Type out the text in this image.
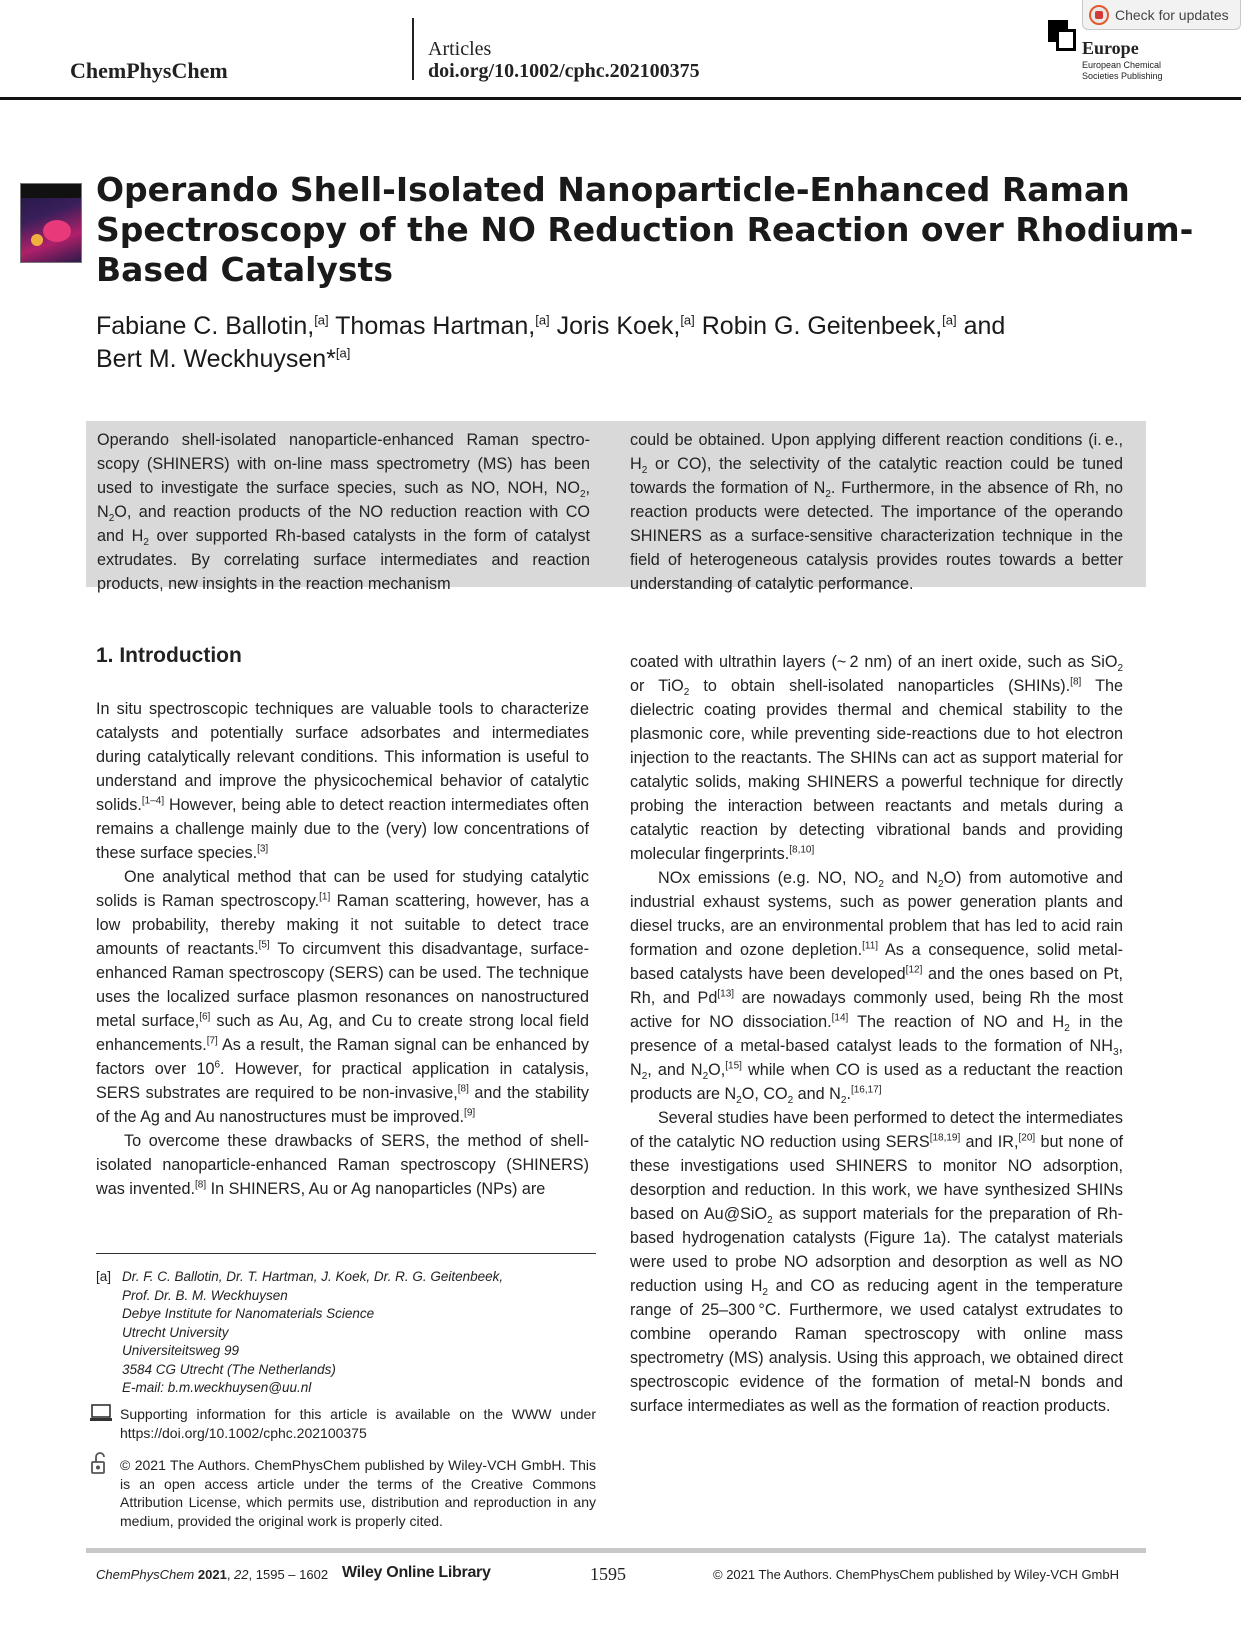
ChemPhysChem
Articles
doi.org/10.1002/cphc.202100375
Europe
European Chemical
Societies Publishing
Check for updates
Operando Shell-Isolated Nanoparticle-Enhanced Raman Spectroscopy of the NO Reduction Reaction over Rhodium-Based Catalysts
Fabiane C. Ballotin,[a] Thomas Hartman,[a] Joris Koek,[a] Robin G. Geitenbeek,[a] and
Bert M. Weckhuysen*[a]
Operando shell-isolated nanoparticle-enhanced Raman spectroscopy (SHINERS) with on-line mass spectrometry (MS) has been used to investigate the surface species, such as NO, NOH, $NO_2$, $N_2O$, and reaction products of the NO reduction reaction with CO and $H_2$ over supported Rh-based catalysts in the form of catalyst extrudates. By correlating surface intermediates and reaction products, new insights in the reaction mechanism
could be obtained. Upon applying different reaction conditions (i. e., $H_2$ or CO), the selectivity of the catalytic reaction could be tuned towards the formation of $N_2$. Furthermore, in the absence of Rh, no reaction products were detected. The importance of the operando SHINERS as a surface-sensitive characterization technique in the field of heterogeneous catalysis provides routes towards a better understanding of catalytic performance.
1. Introduction

In situ spectroscopic techniques are valuable tools to characterize catalysts and potentially surface adsorbates and intermediates during catalytically relevant conditions. This information is useful to understand and improve the physicochemical behavior of catalytic solids.[1–4] However, being able to detect reaction intermediates often remains a challenge mainly due to the (very) low concentrations of these surface species.[3]

One analytical method that can be used for studying catalytic solids is Raman spectroscopy.[1] Raman scattering, however, has a low probability, thereby making it not suitable to detect trace amounts of reactants.[5] To circumvent this disadvantage, surface-enhanced Raman spectroscopy (SERS) can be used. The technique uses the localized surface plasmon resonances on nanostructured metal surface,[6] such as Au, Ag, and Cu to create strong local field enhancements.[7] As a result, the Raman signal can be enhanced by factors over $10^6$. However, for practical application in catalysis, SERS substrates are required to be non-invasive,[8] and the stability of the Ag and Au nanostructures must be improved.[9]

To overcome these drawbacks of SERS, the method of shell-isolated nanoparticle-enhanced Raman spectroscopy (SHINERS) was invented.[8] In SHINERS, Au or Ag nanoparticles (NPs) are

coated with ultrathin layers (~ 2 nm) of an inert oxide, such as SiO$_2$ or TiO$_2$ to obtain shell-isolated nanoparticles (SHINs).[8] The dielectric coating provides thermal and chemical stability to the plasmonic core, while preventing side-reactions due to hot electron injection to the reactants. The SHINs can act as support material for catalytic solids, making SHINERS a powerful technique for directly probing the interaction between reactants and metals during a catalytic reaction by detecting vibrational bands and providing molecular fingerprints.[8,10]

NOx emissions (e.g. NO, $NO_2$ and $N_2O$) from automotive and industrial exhaust systems, such as power generation plants and diesel trucks, are an environmental problem that has led to acid rain formation and ozone depletion.[11] As a consequence, solid metal-based catalysts have been developed[12] and the ones based on Pt, Rh, and Pd[13] are nowadays commonly used, being Rh the most active for NO dissociation.[14] The reaction of NO and $H_2$ in the presence of a metal-based catalyst leads to the formation of $NH_3$, $N_2$, and $N_2O,[15]$ while when CO is used as a reductant the reaction products are $N_2O$, $CO_2$ and $N_2.[16,17]$

Several studies have been performed to detect the intermediates of the catalytic NO reduction using SERS[18,19] and IR,[20] but none of these investigations used SHINERS to monitor NO adsorption, desorption and reduction. In this work, we have synthesized SHINs based on Au@SiO$_2$ as support materials for the preparation of Rh-based hydrogenation catalysts (Figure 1a). The catalyst materials were used to probe NO adsorption and desorption as well as NO reduction using $H_2$ and CO as reducing agent in the temperature range of 25–300 °C. Furthermore, we used catalyst extrudates to combine operando Raman spectroscopy with online mass spectrometry (MS) analysis. Using this approach, we obtained direct spectroscopic evidence of the formation of metal-N bonds and surface intermediates as well as the formation of reaction products.

[a] Dr. F. C. Ballotin, Dr. T. Hartman, J. Koek, Dr. R. G. Geitenbeek,
Prof. Dr. B. M. Weckhuysen
Debye Institute for Nanomaterials Science
Utrecht University
Universiteitsweg 99
3584 CG Utrecht (The Netherlands)
E-mail: b.m.weckhuysen@uu.nl
Supporting information for this article is available on the WWW under https://doi.org/10.1002/cphc.202100375
© 2021 The Authors. ChemPhysChem published by Wiley-VCH GmbH. This is an open access article under the terms of the Creative Commons Attribution License, which permits use, distribution and reproduction in any medium, provided the original work is properly cited.
ChemPhysChem 2021, 22, 1595 – 1602 Wiley Online Library	1595	© 2021 The Authors. ChemPhysChem published by Wiley-VCH GmbH
